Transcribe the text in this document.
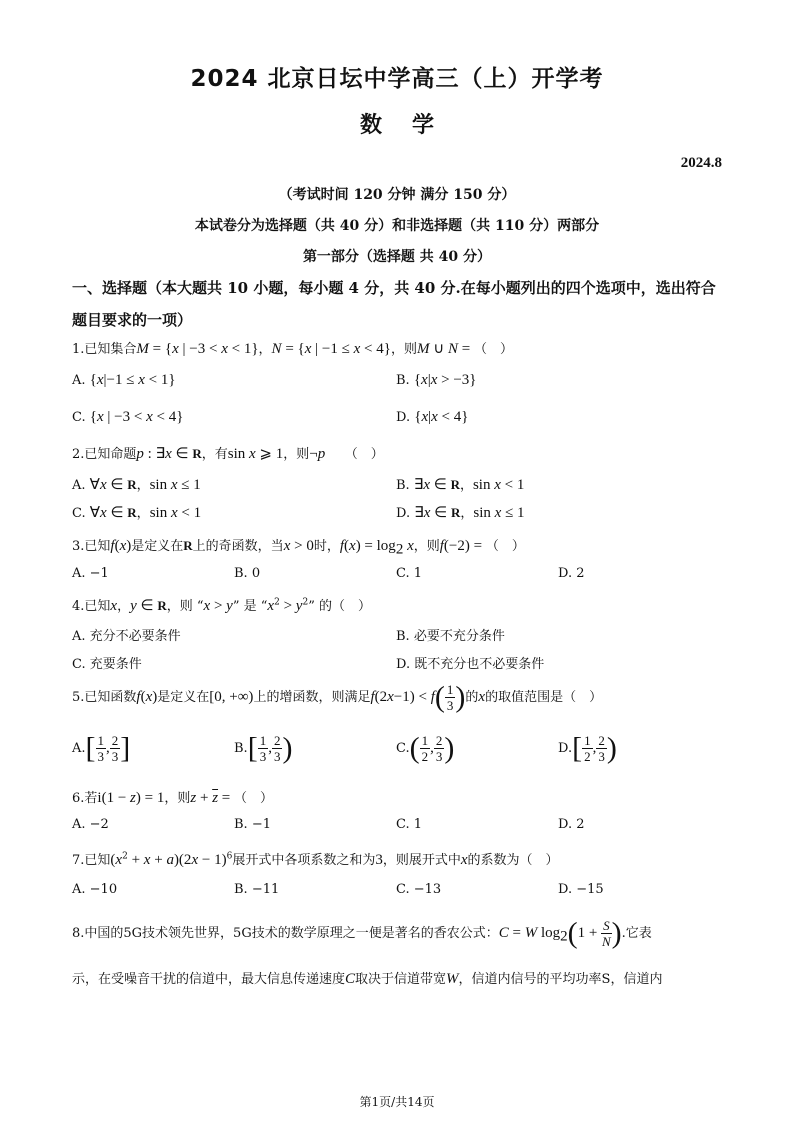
2024 北京日坛中学高三（上）开学考
数学
2024.8
（考试时间 120 分钟 满分 150 分）
本试卷分为选择题（共 40 分）和非选择题（共 110 分）两部分
第一部分（选择题 共 40 分）
一、选择题（本大题共 10 小题，每小题 4 分，共 40 分.在每小题列出的四个选项中，选出符合题目要求的一项）
1.已知集合M = {x | −3 < x < 1}，N = {x | −1 ≤ x < 4}，则M ∪ N = （　）
A. {x|−1 ≤ x < 1}	B. {x|x > −3}
C. {x | −3 < x < 4}	D. {x|x < 4}
2.已知命题p : ∃x ∈ R，有sin x ⩾ 1，则¬p　　 （　）
A. ∀x ∈ R，sin x ≤ 1	B. ∃x ∈ R，sin x < 1
C. ∀x ∈ R，sin x < 1	D. ∃x ∈ R，sin x ≤ 1
3.已知f(x)是定义在R上的奇函数，当x > 0时，$f(x) = \log_2 x$，则f(−2) = （　）
A. −1	B. 0	C. 1	D. 2
4.已知x，y ∈ R，则 “x > y” 是 “$x^2 > y^2$” 的（　）
A. 充分不必要条件	B. 必要不充分条件
C. 充要条件	D. 既不充分也不必要条件
5.已知函数f(x)是定义在[0, +∞)上的增函数，则满足$f(2x-1) < f( \frac{1}{3}$ )的x的取值范围是（　）
$A.[ \frac{1}{3}$ , $\frac{2}{3}$ ]	$B.[ \frac{1}{3}$ , $\frac{2}{3}$ )	$C.( \frac{1}{2}$ , $\frac{2}{3}$ )	$D.[ \frac{1}{2}$ , $\frac{2}{3}$ )
6.若i(1 − z) = 1，则$z + \overline{z}$ = （　）
A. −2	B. −1	C. 1	D. 2
7.已知$(x^2 + x + a)(2x - 1)^6$展开式中各项系数之和为3，则展开式中x的系数为（　）
A. −10	B. −11	C. −13	D. −15
8.中国的5G技术领先世界，5G技术的数学原理之一便是著名的香农公式：C = W $\log_2(1 + \frac{S}{N}$ ).它表
示，在受噪音干扰的信道中，最大信息传递速度C取决于信道带宽W，信道内信号的平均功率S，信道内
第1页/共14页
